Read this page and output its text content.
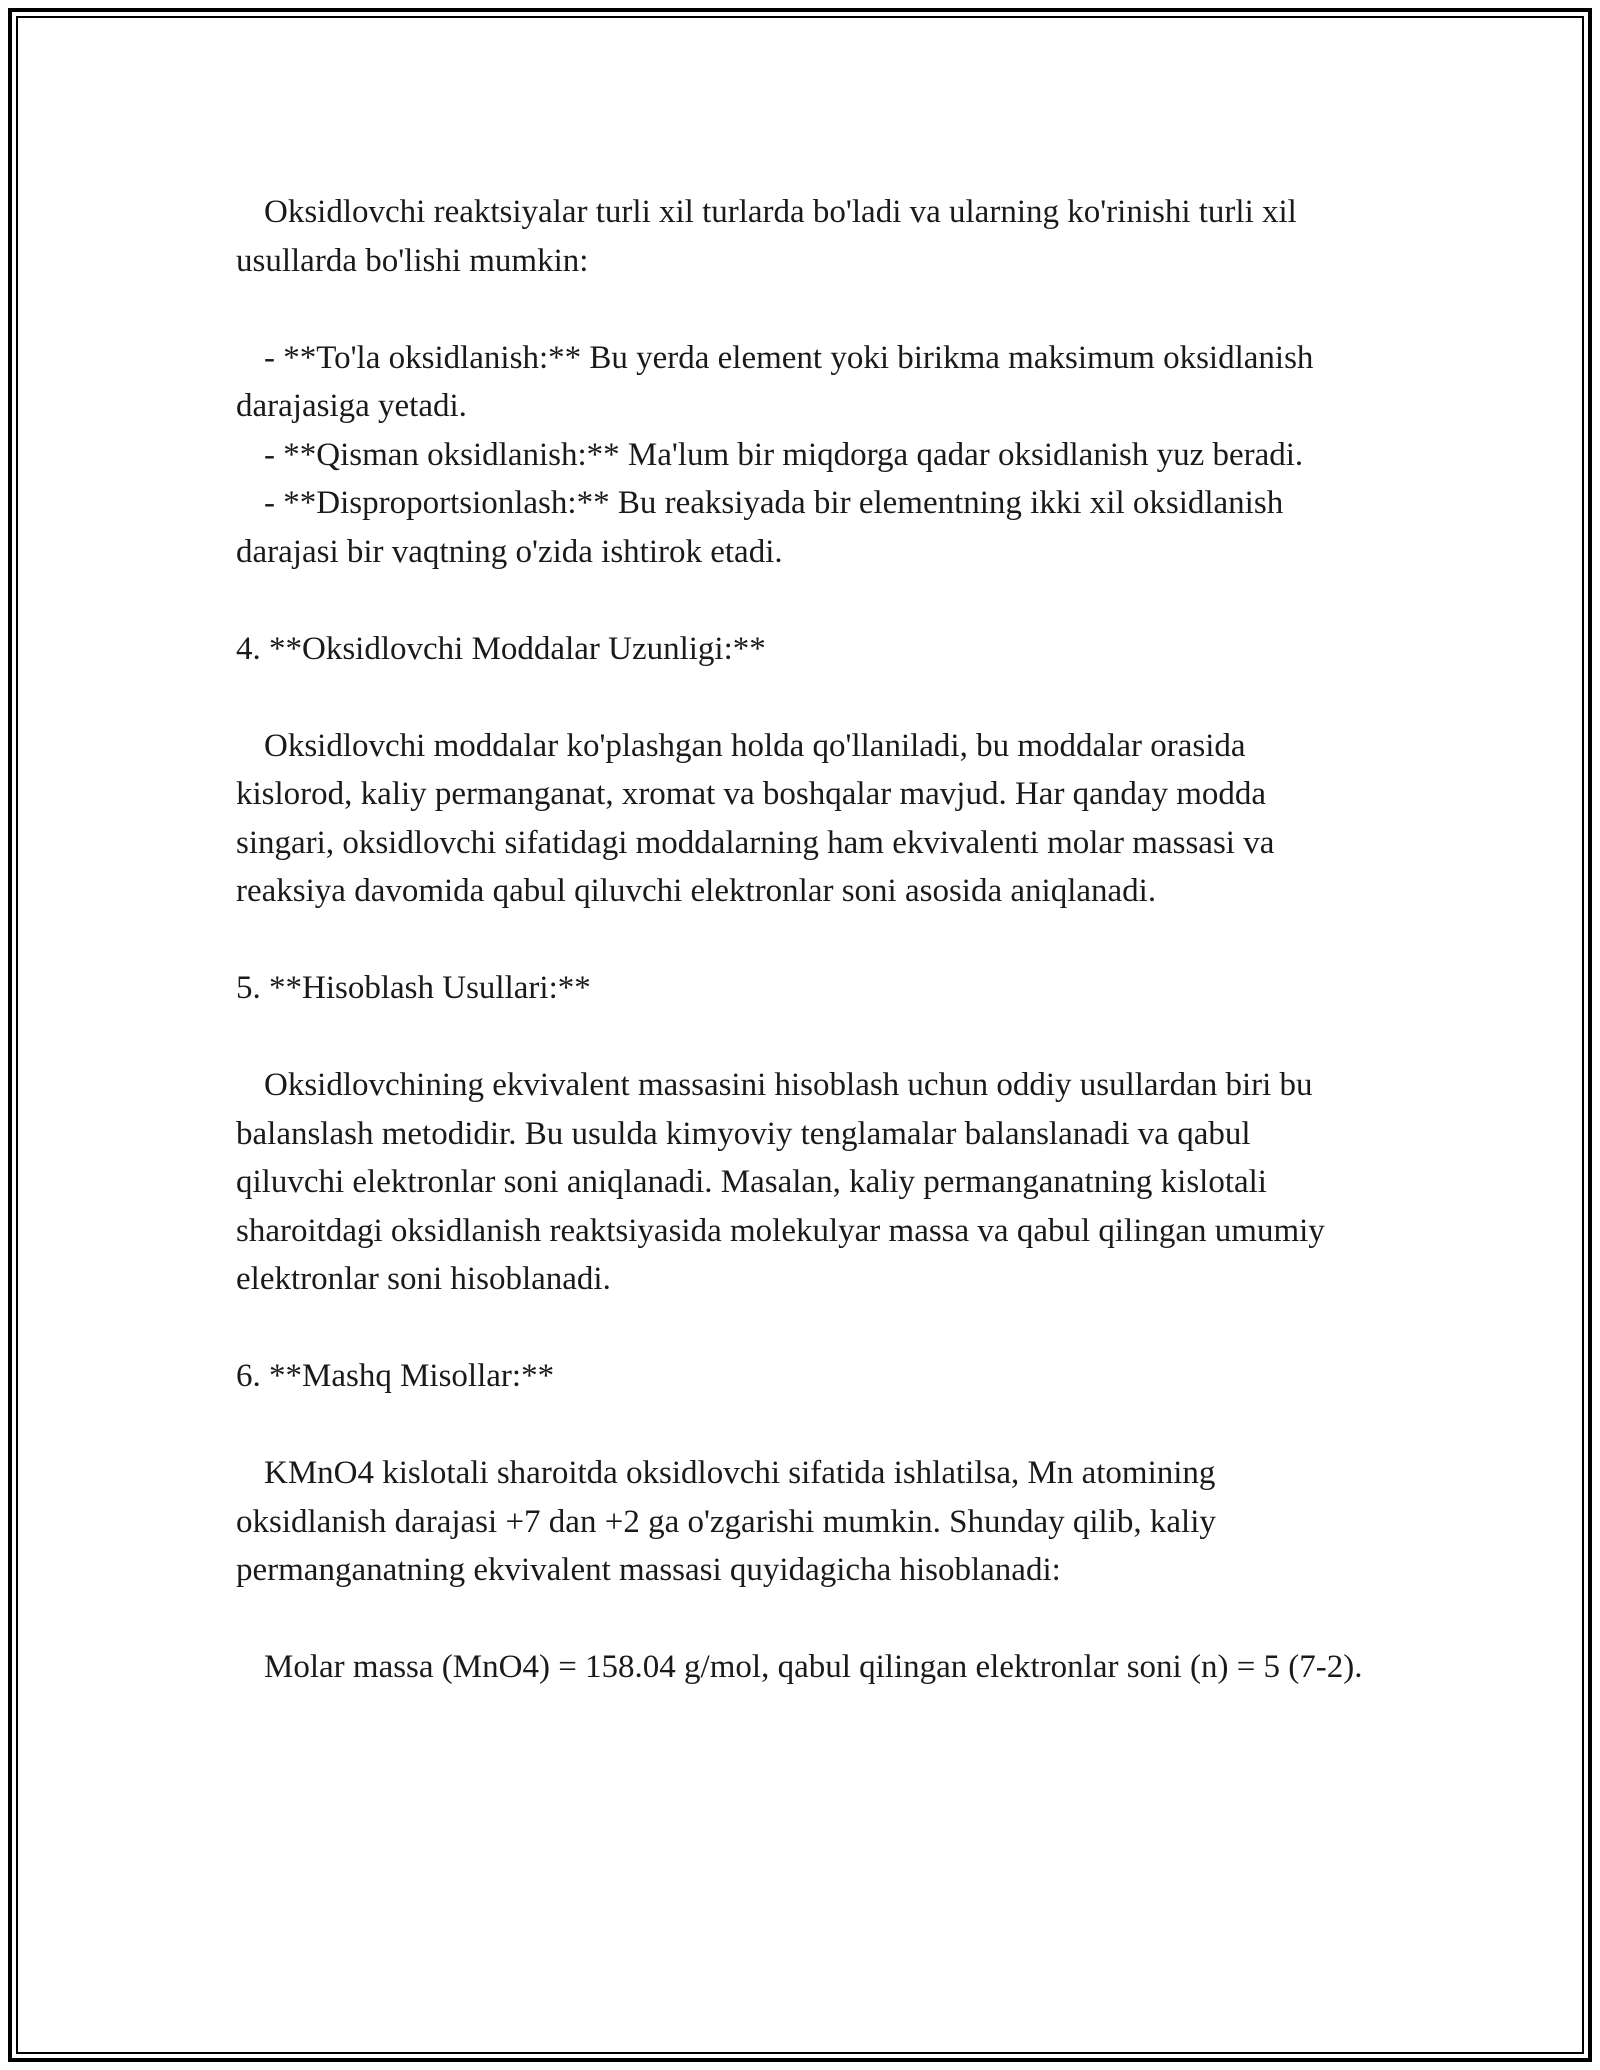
Oksidlovchi reaktsiyalar turli xil turlarda bo'ladi va ularning ko'rinishi turli xil usullarda bo'lishi mumkin:

- **To'la oksidlanish:** Bu yerda element yoki birikma maksimum oksidlanish darajasiga yetadi.

- **Qisman oksidlanish:** Ma'lum bir miqdorga qadar oksidlanish yuz beradi.

- **Disproportsionlash:** Bu reaksiyada bir elementning ikki xil oksidlanish darajasi bir vaqtning o'zida ishtirok etadi.

4. **Oksidlovchi Moddalar Uzunligi:**

Oksidlovchi moddalar ko'plashgan holda qo'llaniladi, bu moddalar orasida kislorod, kaliy permanganat, xromat va boshqalar mavjud. Har qanday modda singari, oksidlovchi sifatidagi moddalarning ham ekvivalenti molar massasi va reaksiya davomida qabul qiluvchi elektronlar soni asosida aniqlanadi.

5. **Hisoblash Usullari:**

Oksidlovchining ekvivalent massasini hisoblash uchun oddiy usullardan biri bu balanslash metodidir. Bu usulda kimyoviy tenglamalar balanslanadi va qabul qiluvchi elektronlar soni aniqlanadi. Masalan, kaliy permanganatning kislotali sharoitdagi oksidlanish reaktsiyasida molekulyar massa va qabul qilingan umumiy elektronlar soni hisoblanadi.

6. **Mashq Misollar:**

KMnO4 kislotali sharoitda oksidlovchi sifatida ishlatilsa, Mn atomining oksidlanish darajasi +7 dan +2 ga o'zgarishi mumkin. Shunday qilib, kaliy permanganatning ekvivalent massasi quyidagicha hisoblanadi:

Molar massa (MnO4) = 158.04 g/mol, qabul qilingan elektronlar soni (n) = 5 (7-2).
